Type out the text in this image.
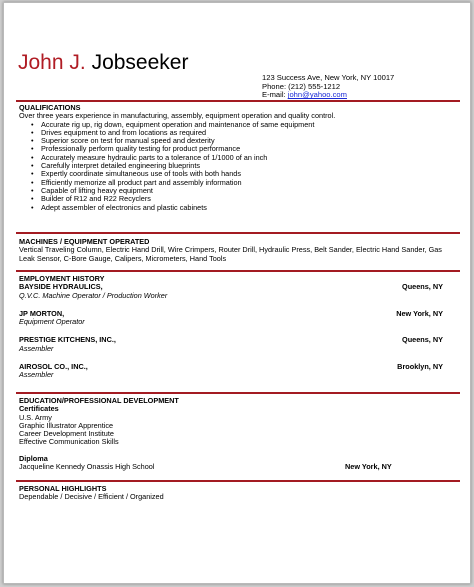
John J. Jobseeker
123 Success Ave, New York, NY 10017
Phone: (212) 555-1212
E-mail: john@yahoo.com
QUALIFICATIONS
Over three years experience in manufacturing, assembly, equipment operation and quality control.
• Accurate rig up, rig down, equipment operation and maintenance of same equipment
• Drives equipment to and from locations as required
• Superior score on test for manual speed and dexterity
• Professionally perform quality testing for product performance
• Accurately measure hydraulic parts to a tolerance of 1/1000 of an inch
• Carefully interpret detailed engineering blueprints
• Expertly coordinate simultaneous use of tools with both hands
• Efficiently memorize all product part and assembly information
• Capable of lifting heavy equipment
• Builder of R12 and R22 Recyclers
• Adept assembler of electronics and plastic cabinets
MACHINES / EQUIPMENT OPERATED
Vertical Traveling Column, Electric Hand Drill, Wire Crimpers, Router Drill, Hydraulic Press, Belt Sander, Electric Hand Sander, Gas Leak Sensor, C-Bore Gauge, Calipers, Micrometers, Hand Tools
EMPLOYMENT HISTORY
BAYSIDE HYDRAULICS,	Queens, NY
Q.V.C. Machine Operator / Production Worker
JP MORTON,	New York, NY
Equipment Operator
PRESTIGE KITCHENS, INC.,	Queens, NY
Assembler
AIROSOL CO., INC.,	Brooklyn, NY
Assembler
EDUCATION/PROFESSIONAL DEVELOPMENT
Certificates
U.S. Army
Graphic Illustrator Apprentice
Career Development Institute
Effective Communication Skills
Diploma
Jacqueline Kennedy Onassis High School	New York, NY
PERSONAL HIGHLIGHTS
Dependable / Decisive / Efficient / Organized
